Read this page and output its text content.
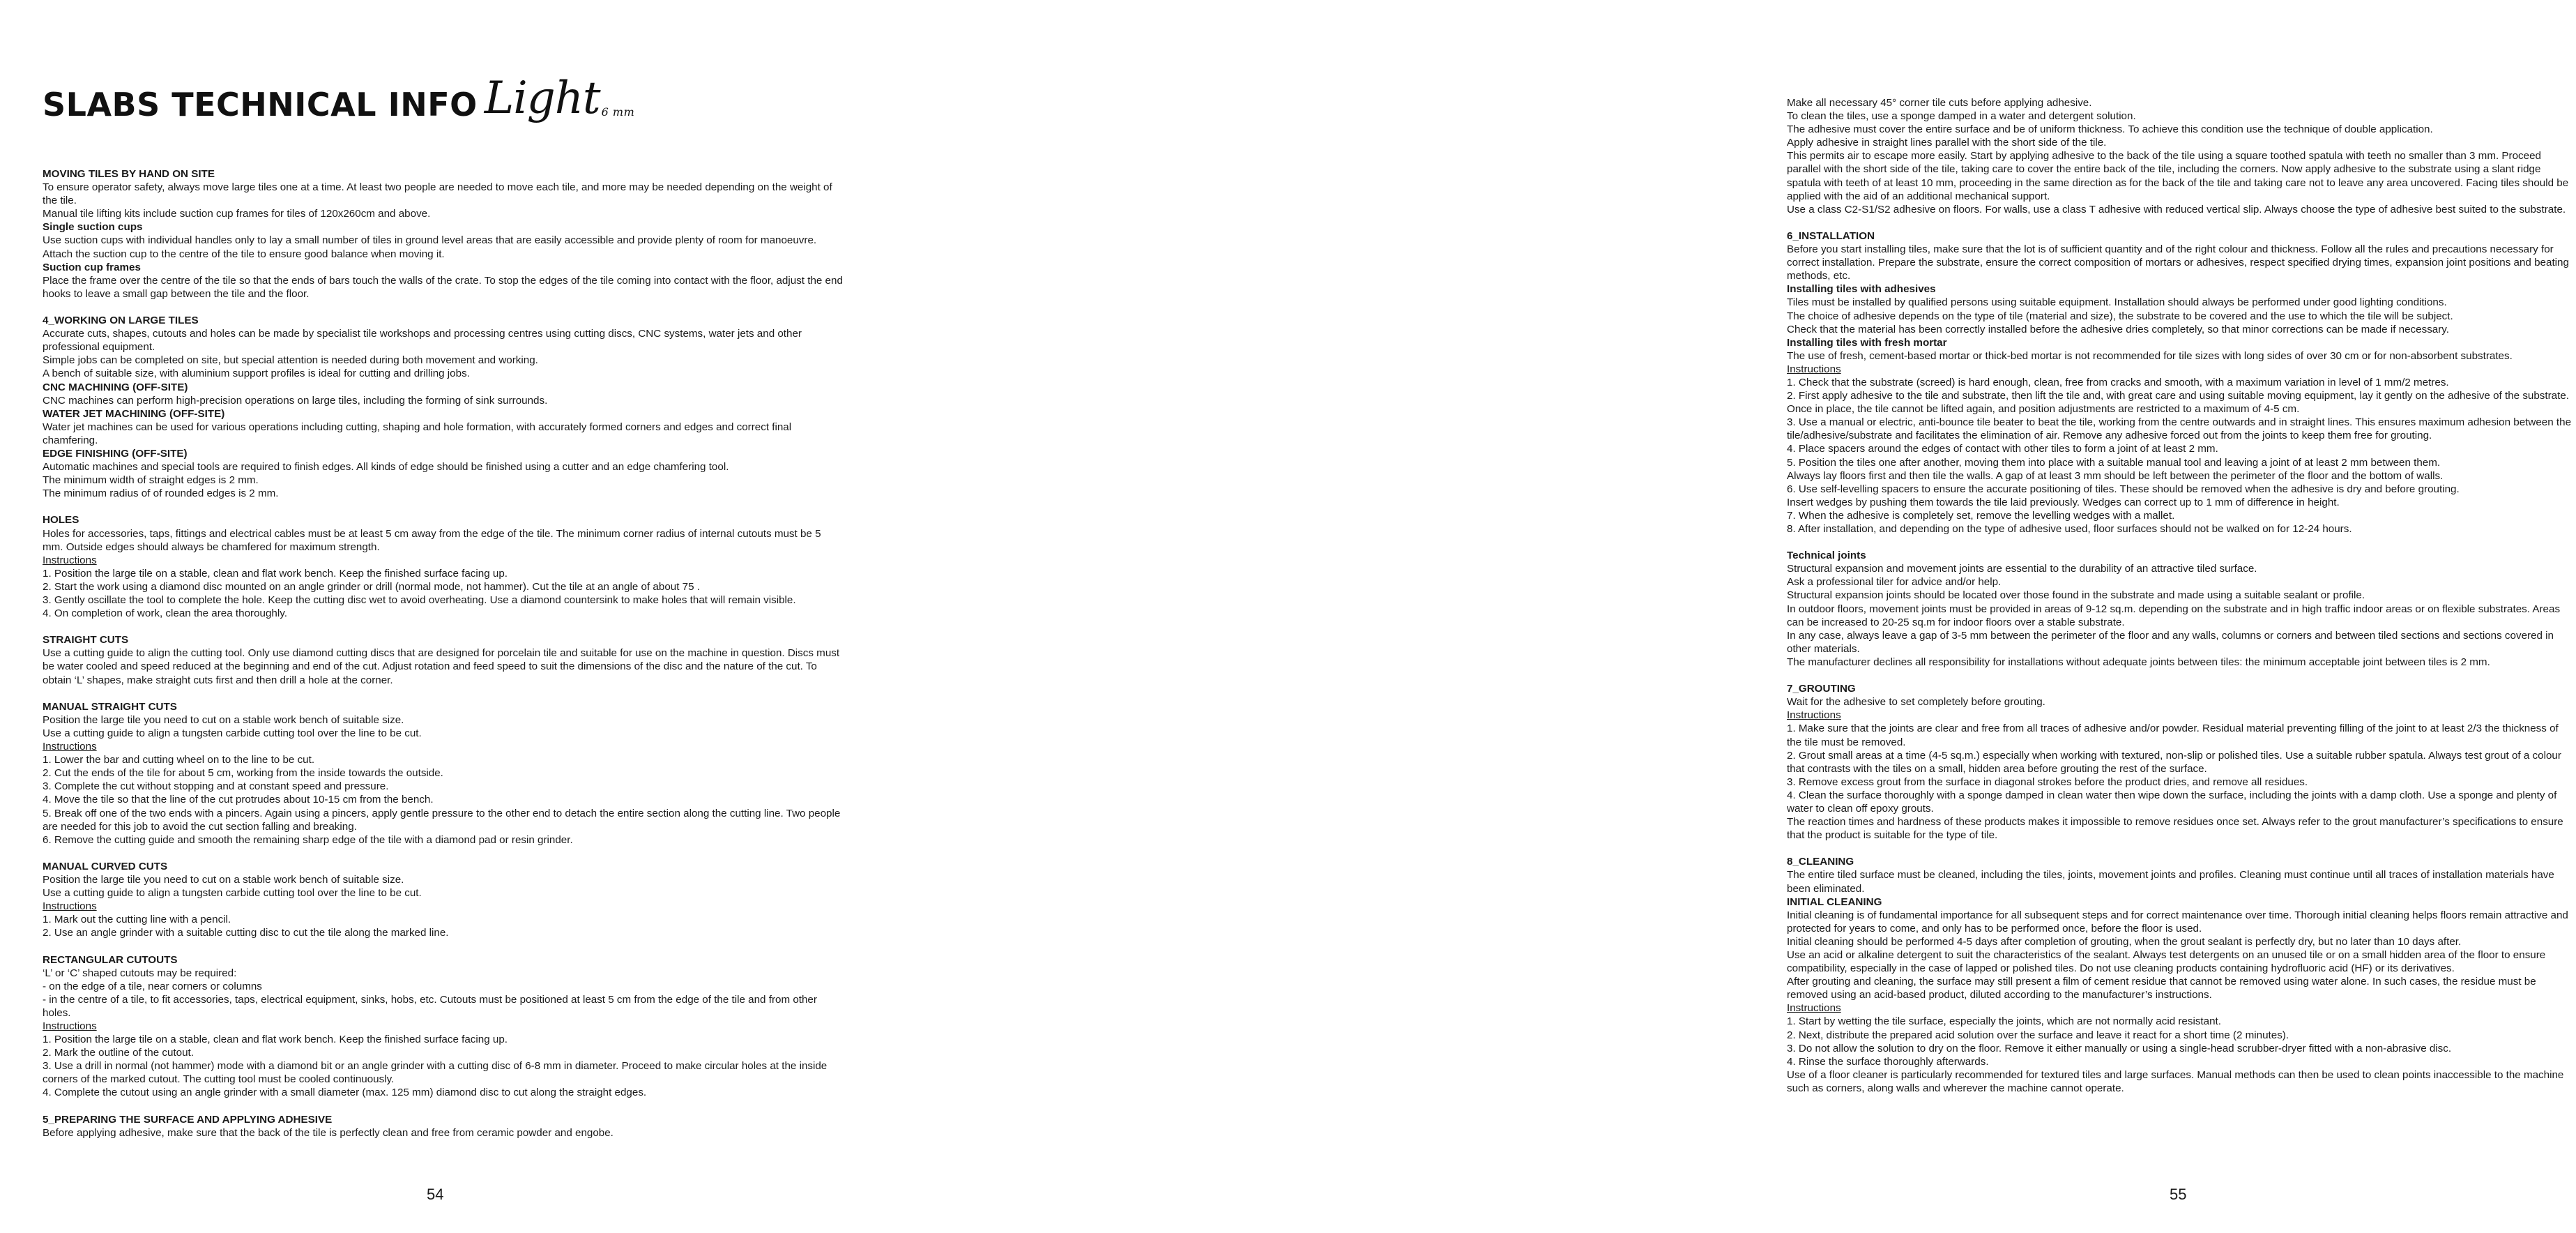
SLABS TECHNICAL INFO Light 6 mm

MOVING TILES BY HAND ON SITE

To ensure operator safety, always move large tiles one at a time. At least two people are needed to move each tile, and more may be needed depending on the weight of the tile.

Manual tile lifting kits include suction cup frames for tiles of 120x260cm and above.

Single suction cups

Use suction cups with individual handles only to lay a small number of tiles in ground level areas that are easily accessible and provide plenty of room for manoeuvre. Attach the suction cup to the centre of the tile to ensure good balance when moving it.

Suction cup frames

Place the frame over the centre of the tile so that the ends of bars touch the walls of the crate. To stop the edges of the tile coming into contact with the floor, adjust the end hooks to leave a small gap between the tile and the floor.

4_WORKING ON LARGE TILES

Accurate cuts, shapes, cutouts and holes can be made by specialist tile workshops and processing centres using cutting discs, CNC systems, water jets and other professional equipment.

Simple jobs can be completed on site, but special attention is needed during both movement and working.

A bench of suitable size, with aluminium support profiles is ideal for cutting and drilling jobs.

CNC MACHINING (OFF-SITE)

CNC machines can perform high-precision operations on large tiles, including the forming of sink surrounds.

WATER JET MACHINING (OFF-SITE)

Water jet machines can be used for various operations including cutting, shaping and hole formation, with accurately formed corners and edges and correct final chamfering.

EDGE FINISHING (OFF-SITE)

Automatic machines and special tools are required to finish edges. All kinds of edge should be finished using a cutter and an edge chamfering tool.

The minimum width of straight edges is 2 mm.

The minimum radius of of rounded edges is 2 mm.

HOLES

Holes for accessories, taps, fittings and electrical cables must be at least 5 cm away from the edge of the tile. The minimum corner radius of internal cutouts must be 5 mm. Outside edges should always be chamfered for maximum strength.

Instructions

1. Position the large tile on a stable, clean and flat work bench. Keep the finished surface facing up.

2. Start the work using a diamond disc mounted on an angle grinder or drill (normal mode, not hammer). Cut the tile at an angle of about 75 .

3. Gently oscillate the tool to complete the hole. Keep the cutting disc wet to avoid overheating. Use a diamond countersink to make holes that will remain visible.

4. On completion of work, clean the area thoroughly.

STRAIGHT CUTS

Use a cutting guide to align the cutting tool. Only use diamond cutting discs that are designed for porcelain tile and suitable for use on the machine in question. Discs must be water cooled and speed reduced at the beginning and end of the cut. Adjust rotation and feed speed to suit the dimensions of the disc and the nature of the cut. To obtain ‘L’ shapes, make straight cuts first and then drill a hole at the corner.

MANUAL STRAIGHT CUTS

Position the large tile you need to cut on a stable work bench of suitable size.

Use a cutting guide to align a tungsten carbide cutting tool over the line to be cut.

Instructions

1. Lower the bar and cutting wheel on to the line to be cut.

2. Cut the ends of the tile for about 5 cm, working from the inside towards the outside.

3. Complete the cut without stopping and at constant speed and pressure.

4. Move the tile so that the line of the cut protrudes about 10-15 cm from the bench.

5. Break off one of the two ends with a pincers. Again using a pincers, apply gentle pressure to the other end to detach the entire section along the cutting line. Two people are needed for this job to avoid the cut section falling and breaking.

6. Remove the cutting guide and smooth the remaining sharp edge of the tile with a diamond pad or resin grinder.

MANUAL CURVED CUTS

Position the large tile you need to cut on a stable work bench of suitable size.

Use a cutting guide to align a tungsten carbide cutting tool over the line to be cut.

Instructions

1. Mark out the cutting line with a pencil.

2. Use an angle grinder with a suitable cutting disc to cut the tile along the marked line.

RECTANGULAR CUTOUTS

‘L’ or ‘C’ shaped cutouts may be required:

- on the edge of a tile, near corners or columns

- in the centre of a tile, to fit accessories, taps, electrical equipment, sinks, hobs, etc. Cutouts must be positioned at least 5 cm from the edge of the tile and from other holes.

Instructions

1. Position the large tile on a stable, clean and flat work bench. Keep the finished surface facing up.

2. Mark the outline of the cutout.

3. Use a drill in normal (not hammer) mode with a diamond bit or an angle grinder with a cutting disc of 6-8 mm in diameter. Proceed to make circular holes at the inside corners of the marked cutout. The cutting tool must be cooled continuously.

4. Complete the cutout using an angle grinder with a small diameter (max. 125 mm) diamond disc to cut along the straight edges.

5_PREPARING THE SURFACE AND APPLYING ADHESIVE

Before applying adhesive, make sure that the back of the tile is perfectly clean and free from ceramic powder and engobe.

54

Make all necessary 45° corner tile cuts before applying adhesive.

To clean the tiles, use a sponge damped in a water and detergent solution.

The adhesive must cover the entire surface and be of uniform thickness. To achieve this condition use the technique of double application.

Apply adhesive in straight lines parallel with the short side of the tile.

This permits air to escape more easily. Start by applying adhesive to the back of the tile using a square toothed spatula with teeth no smaller than 3 mm. Proceed parallel with the short side of the tile, taking care to cover the entire back of the tile, including the corners. Now apply adhesive to the substrate using a slant ridge spatula with teeth of at least 10 mm, proceeding in the same direction as for the back of the tile and taking care not to leave any area uncovered. Facing tiles should be applied with the aid of an additional mechanical support.

Use a class C2-S1/S2 adhesive on floors. For walls, use a class T adhesive with reduced vertical slip. Always choose the type of adhesive best suited to the substrate.

6_INSTALLATION

Before you start installing tiles, make sure that the lot is of sufficient quantity and of the right colour and thickness. Follow all the rules and precautions necessary for correct installation. Prepare the substrate, ensure the correct composition of mortars or adhesives, respect specified drying times, expansion joint positions and beating methods, etc.

Installing tiles with adhesives

Tiles must be installed by qualified persons using suitable equipment. Installation should always be performed under good lighting conditions.

The choice of adhesive depends on the type of tile (material and size), the substrate to be covered and the use to which the tile will be subject.

Check that the material has been correctly installed before the adhesive dries completely, so that minor corrections can be made if necessary.

Installing tiles with fresh mortar

The use of fresh, cement-based mortar or thick-bed mortar is not recommended for tile sizes with long sides of over 30 cm or for non-absorbent substrates.

Instructions

1. Check that the substrate (screed) is hard enough, clean, free from cracks and smooth, with a maximum variation in level of 1 mm/2 metres.

2. First apply adhesive to the tile and substrate, then lift the tile and, with great care and using suitable moving equipment, lay it gently on the adhesive of the substrate. Once in place, the tile cannot be lifted again, and position adjustments are restricted to a maximum of 4-5 cm.

3. Use a manual or electric, anti-bounce tile beater to beat the tile, working from the centre outwards and in straight lines. This ensures maximum adhesion between the tile/adhesive/substrate and facilitates the elimination of air. Remove any adhesive forced out from the joints to keep them free for grouting.

4. Place spacers around the edges of contact with other tiles to form a joint of at least 2 mm.

5. Position the tiles one after another, moving them into place with a suitable manual tool and leaving a joint of at least 2 mm between them.

Always lay floors first and then tile the walls. A gap of at least 3 mm should be left between the perimeter of the floor and the bottom of walls.

6. Use self-levelling spacers to ensure the accurate positioning of tiles. These should be removed when the adhesive is dry and before grouting.

Insert wedges by pushing them towards the tile laid previously. Wedges can correct up to 1 mm of difference in height.

7. When the adhesive is completely set, remove the levelling wedges with a mallet.

8. After installation, and depending on the type of adhesive used, floor surfaces should not be walked on for 12-24 hours.

Technical joints

Structural expansion and movement joints are essential to the durability of an attractive tiled surface.

Ask a professional tiler for advice and/or help.

Structural expansion joints should be located over those found in the substrate and made using a suitable sealant or profile.

In outdoor floors, movement joints must be provided in areas of 9-12 sq.m. depending on the substrate and in high traffic indoor areas or on flexible substrates. Areas can be increased to 20-25 sq.m for indoor floors over a stable substrate.

In any case, always leave a gap of 3-5 mm between the perimeter of the floor and any walls, columns or corners and between tiled sections and sections covered in other materials.

The manufacturer declines all responsibility for installations without adequate joints between tiles: the minimum acceptable joint between tiles is 2 mm.

7_GROUTING

Wait for the adhesive to set completely before grouting.

Instructions

1. Make sure that the joints are clear and free from all traces of adhesive and/or powder. Residual material preventing filling of the joint to at least 2/3 the thickness of the tile must be removed.

2. Grout small areas at a time (4-5 sq.m.) especially when working with textured, non-slip or polished tiles. Use a suitable rubber spatula. Always test grout of a colour that contrasts with the tiles on a small, hidden area before grouting the rest of the surface.

3. Remove excess grout from the surface in diagonal strokes before the product dries, and remove all residues.

4. Clean the surface thoroughly with a sponge damped in clean water then wipe down the surface, including the joints with a damp cloth. Use a sponge and plenty of water to clean off epoxy grouts.

The reaction times and hardness of these products makes it impossible to remove residues once set. Always refer to the grout manufacturer’s specifications to ensure that the product is suitable for the type of tile.

8_CLEANING

The entire tiled surface must be cleaned, including the tiles, joints, movement joints and profiles. Cleaning must continue until all traces of installation materials have been eliminated.

INITIAL CLEANING

Initial cleaning is of fundamental importance for all subsequent steps and for correct maintenance over time. Thorough initial cleaning helps floors remain attractive and protected for years to come, and only has to be performed once, before the floor is used.

Initial cleaning should be performed 4-5 days after completion of grouting, when the grout sealant is perfectly dry, but no later than 10 days after.

Use an acid or alkaline detergent to suit the characteristics of the sealant. Always test detergents on an unused tile or on a small hidden area of the floor to ensure compatibility, especially in the case of lapped or polished tiles. Do not use cleaning products containing hydrofluoric acid (HF) or its derivatives.

After grouting and cleaning, the surface may still present a film of cement residue that cannot be removed using water alone. In such cases, the residue must be removed using an acid-based product, diluted according to the manufacturer’s instructions.

Instructions

1. Start by wetting the tile surface, especially the joints, which are not normally acid resistant.

2. Next, distribute the prepared acid solution over the surface and leave it react for a short time (2 minutes).

3. Do not allow the solution to dry on the floor. Remove it either manually or using a single-head scrubber-dryer fitted with a non-abrasive disc.

4. Rinse the surface thoroughly afterwards.

Use of a floor cleaner is particularly recommended for textured tiles and large surfaces. Manual methods can then be used to clean points inaccessible to the machine such as corners, along walls and wherever the machine cannot operate.

55
